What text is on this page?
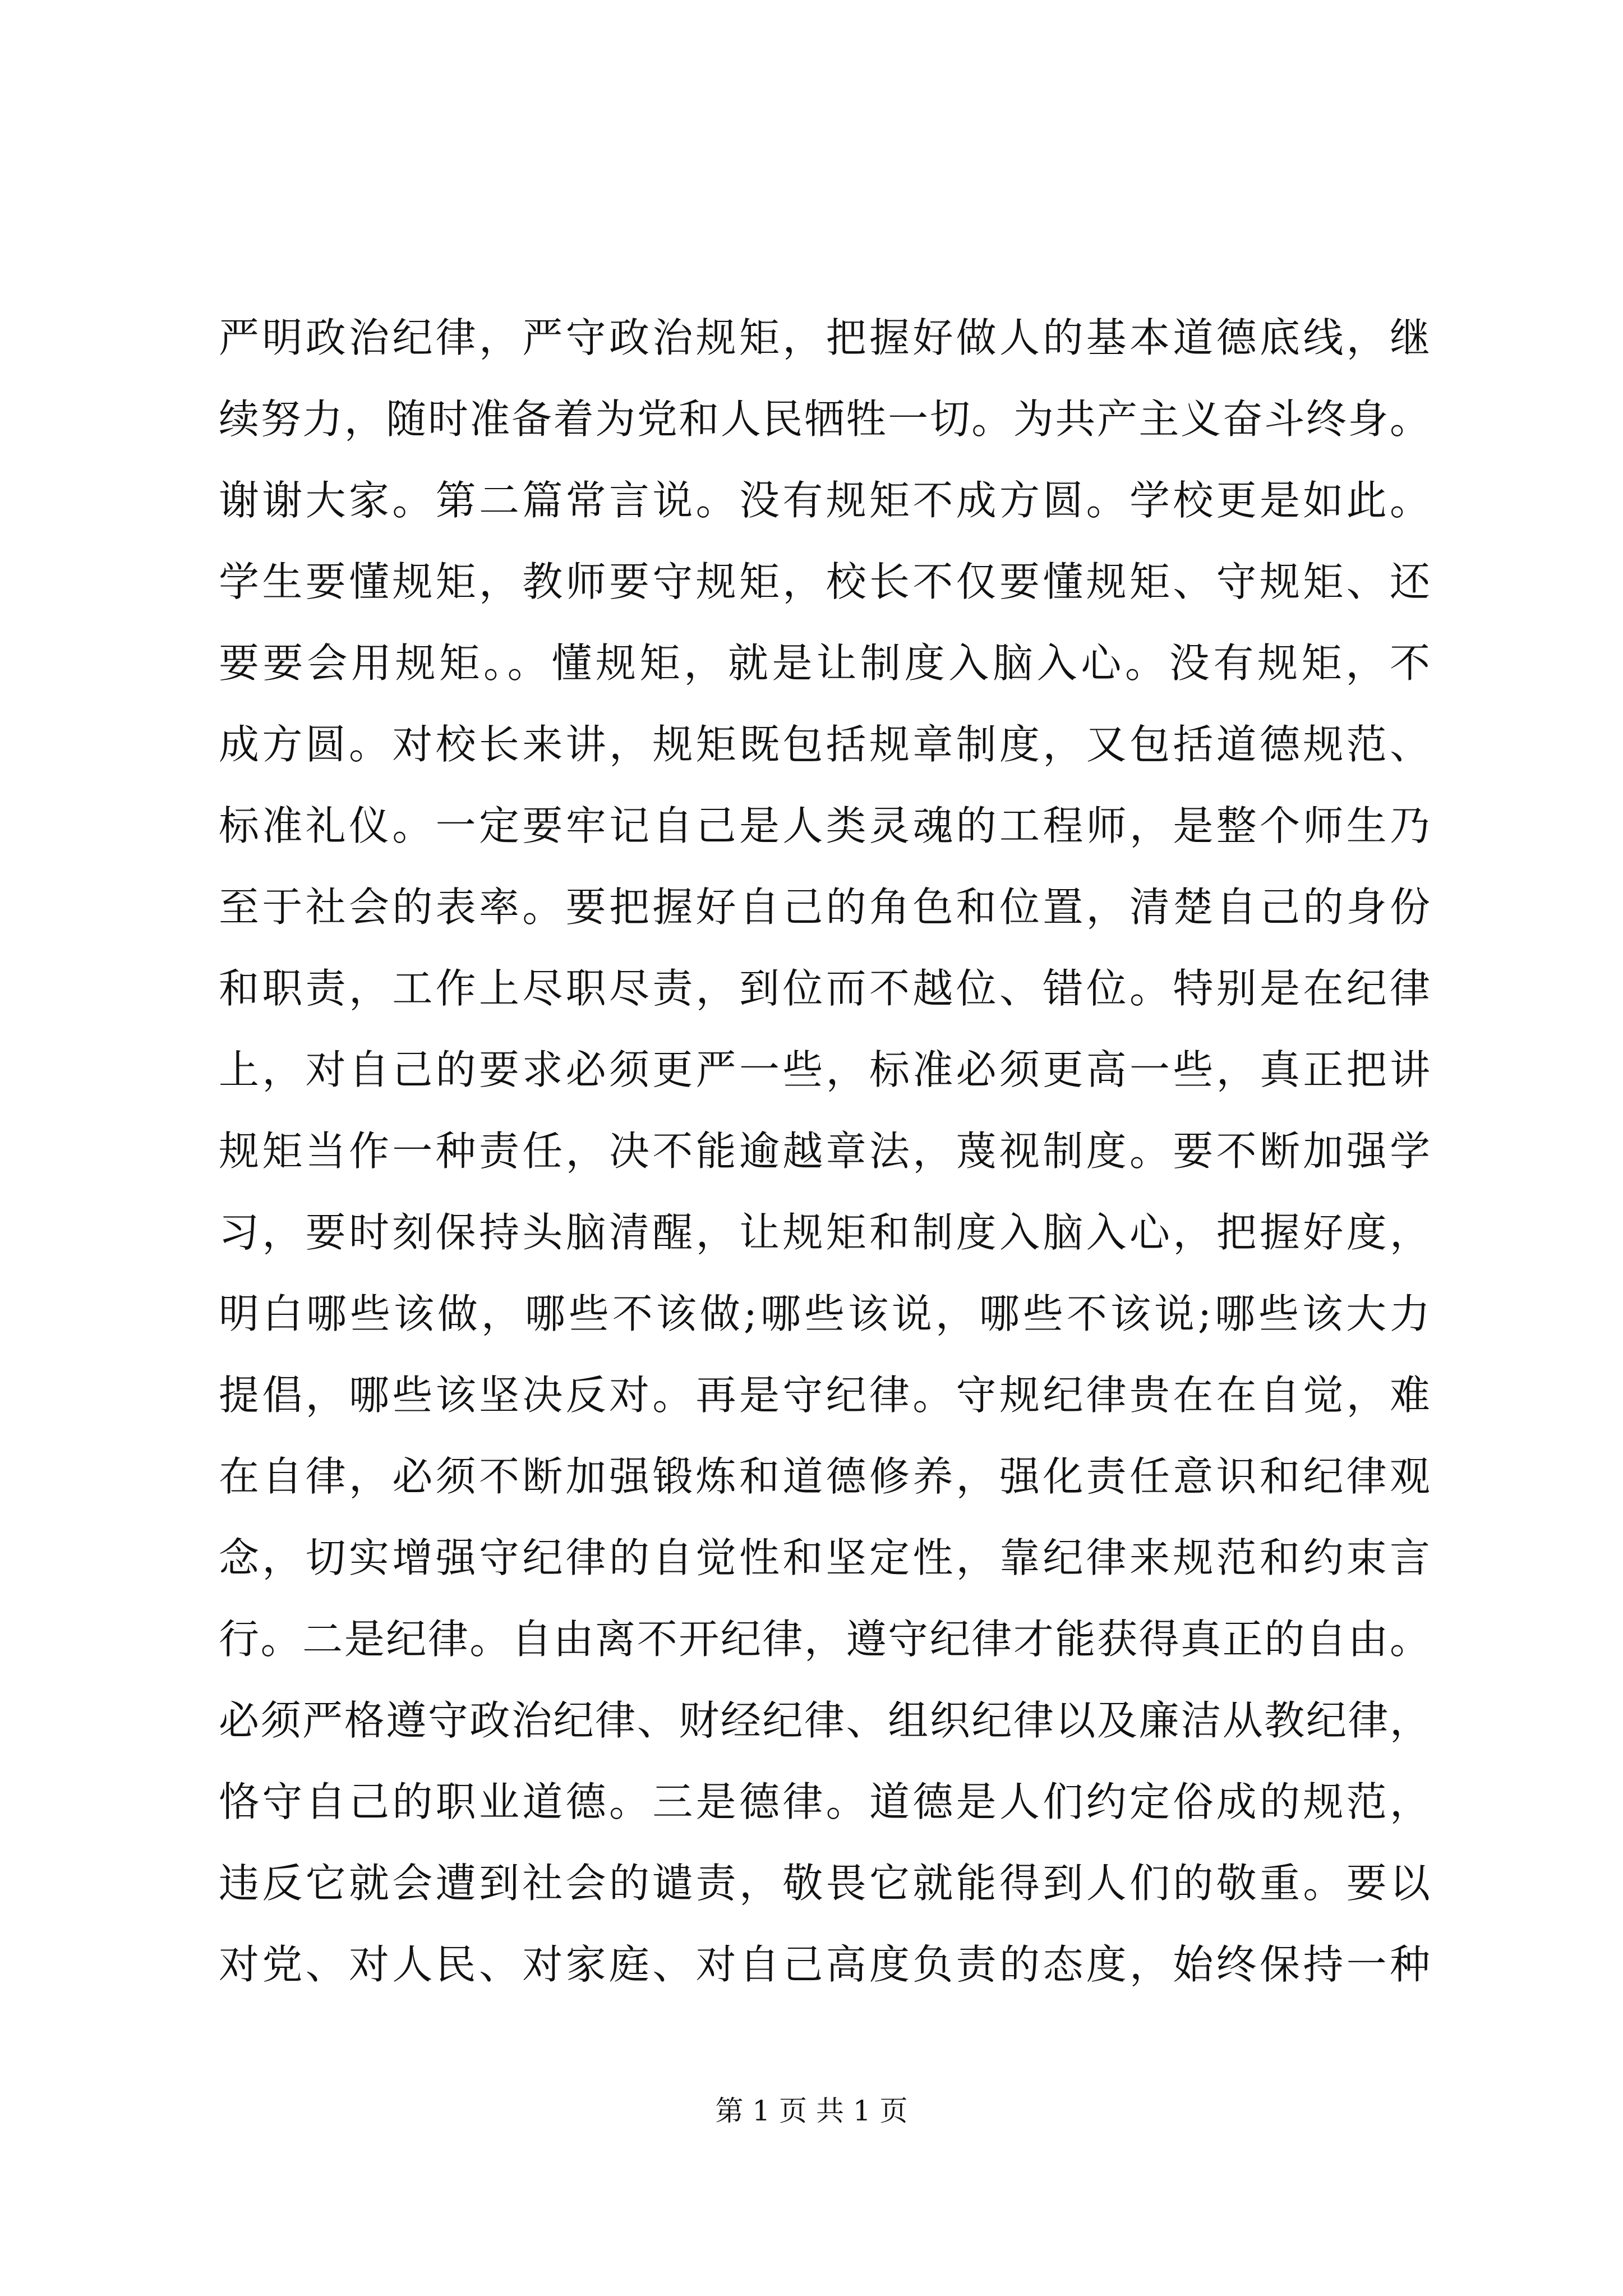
严明政治纪律，严守政治规矩，把握好做人的基本道德底线，继
续努力，随时准备着为党和人民牺牲一切。为共产主义奋斗终身。
谢谢大家。第二篇常言说。没有规矩不成方圆。学校更是如此。
学生要懂规矩，教师要守规矩，校长不仅要懂规矩、守规矩、还
要要会用规矩。。懂规矩，就是让制度入脑入心。没有规矩，不
成方圆。对校长来讲，规矩既包括规章制度，又包括道德规范、
标准礼仪。一定要牢记自己是人类灵魂的工程师，是整个师生乃
至于社会的表率。要把握好自己的角色和位置，清楚自己的身份
和职责，工作上尽职尽责，到位而不越位、错位。特别是在纪律
上，对自己的要求必须更严一些，标准必须更高一些，真正把讲
规矩当作一种责任，决不能逾越章法，蔑视制度。要不断加强学
习，要时刻保持头脑清醒，让规矩和制度入脑入心，把握好度，
明白哪些该做，哪些不该做;哪些该说，哪些不该说;哪些该大力
提倡，哪些该坚决反对。再是守纪律。守规纪律贵在在自觉，难
在自律，必须不断加强锻炼和道德修养，强化责任意识和纪律观
念，切实增强守纪律的自觉性和坚定性，靠纪律来规范和约束言
行。二是纪律。自由离不开纪律，遵守纪律才能获得真正的自由。
必须严格遵守政治纪律、财经纪律、组织纪律以及廉洁从教纪律，
恪守自己的职业道德。三是德律。道德是人们约定俗成的规范，
违反它就会遭到社会的谴责，敬畏它就能得到人们的敬重。要以
对党、对人民、对家庭、对自己高度负责的态度，始终保持一种
第 1 页 共 1 页
